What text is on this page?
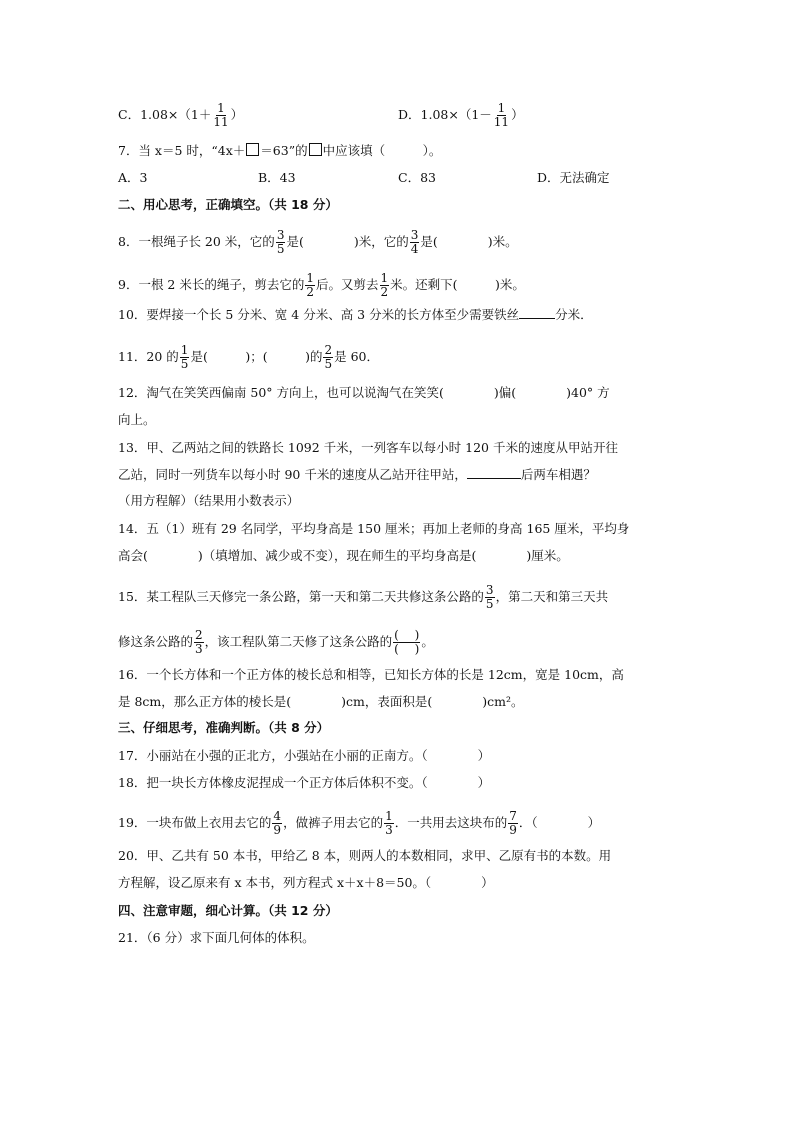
C．$1.08\times(1+ \frac{1}{11}$ ）	D．$1.08\times(1- \frac{1}{11}$ ）
7．当 x＝5 时，“4x＋ ＝63”的 中应该填（　　　）。
A．3	B．43	C．83	D．无法确定
二、用心思考，正确填空。（共 18 分）
8．一根绳子长 20 米，它的 $\frac{3}{5}$ 是(　　　　)米，它的 $\frac{3}{4}$ 是(　　　　)米。
9．一根 2 米长的绳子，剪去它的 $\frac{1}{2}$ 后。又剪去 $\frac{1}{2}$ 米。还剩下(　　　)米。
10．要焊接一个长 5 分米、宽 4 分米、高 3 分米的长方体至少需要铁丝	分米．
11．20 的 $\frac{1}{5}$ 是(　　　)；(　　　)的 $\frac{2}{5}$ 是 60．
12．淘气在笑笑西偏南 50° 方向上，也可以说淘气在笑笑(　　　　)偏(　　　　)40° 方
向上。
13．甲、乙两站之间的铁路长 1092 千米，一列客车以每小时 120 千米的速度从甲站开往
乙站，同时一列货车以每小时 90 千米的速度从乙站开往甲站，	后两车相遇？
（用方程解）（结果用小数表示）
14．五（1）班有 29 名同学，平均身高是 150 厘米；再加上老师的身高 165 厘米，平均身
高会(　　　　)（填增加、减少或不变），现在师生的平均身高是(　　　　)厘米。
15．某工程队三天修完一条公路，第一天和第二天共修这条公路的 $\frac{3}{5}$ ，第二天和第三天共
修这条公路的 $\frac{2}{3}$ ，该工程队第二天修了这条公路的 $\frac{( )}{( )}$ 。
16．一个长方体和一个正方体的棱长总和相等，已知长方体的长是 12cm，宽是 10cm，高
是 8cm，那么正方体的棱长是(　　　　)cm，表面积是(　　　　)cm²。
三、仔细思考，准确判断。（共 8 分）
17．小丽站在小强的正北方，小强站在小丽的正南方。（　　　　）
18．把一块长方体橡皮泥捏成一个正方体后体积不变。（　　　　）
19．一块布做上衣用去它的 $\frac{4}{9}$ ，做裤子用去它的 $\frac{1}{3}$ ．一共用去这块布的 $\frac{7}{9}$ ．（　　　　）
20．甲、乙共有 50 本书，甲给乙 8 本，则两人的本数相同，求甲、乙原有书的本数。用
方程解，设乙原来有 x 本书，列方程式 x＋x＋8＝50。（　　　　）
四、注意审题，细心计算。（共 12 分）
21．（6 分）求下面几何体的体积。
